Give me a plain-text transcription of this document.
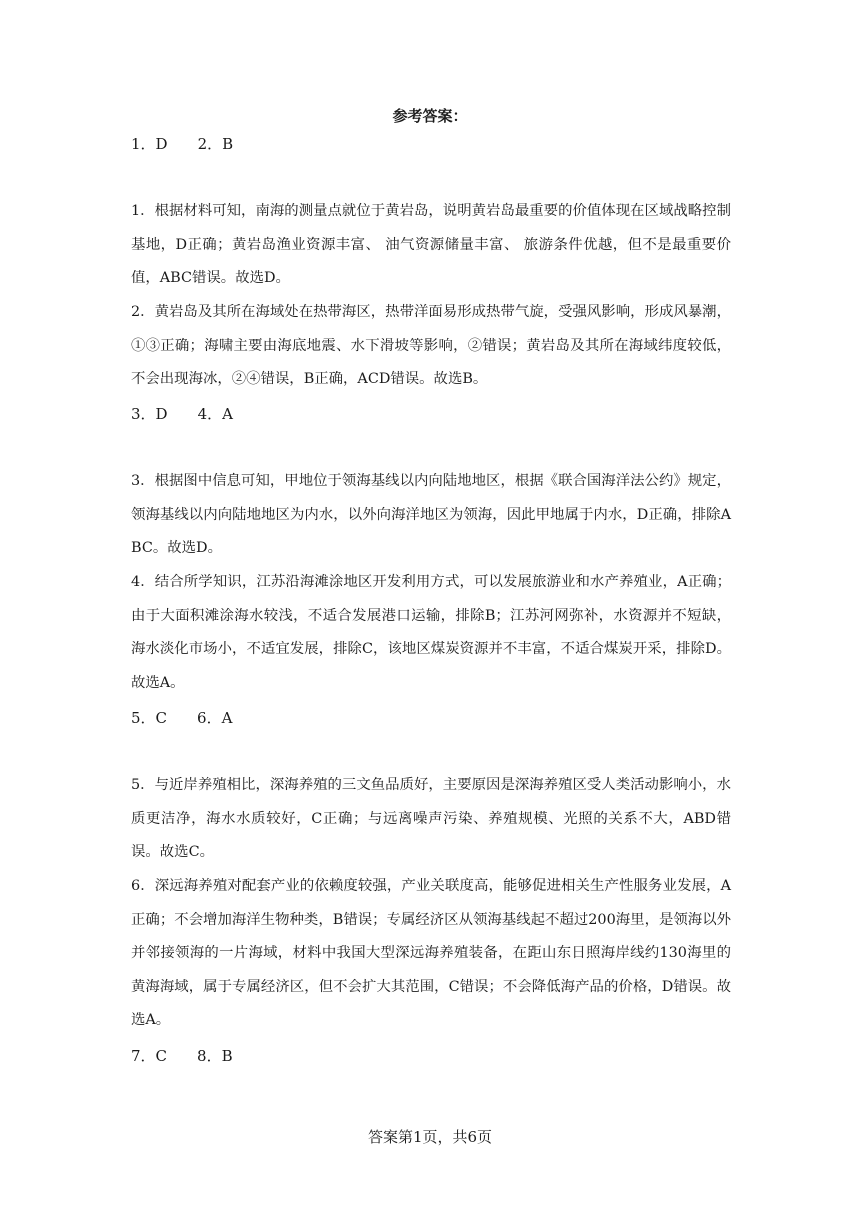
参考答案：
1．D 2．B
1．根据材料可知，南海的测量点就位于黄岩岛，说明黄岩岛最重要的价值体现在区域战略控制基地，D正确；黄岩岛渔业资源丰富、 油气资源储量丰富、 旅游条件优越，但不是最重要价值，ABC错误。故选D。
2．黄岩岛及其所在海域处在热带海区，热带洋面易形成热带气旋，受强风影响，形成风暴潮，①③正确；海啸主要由海底地震、水下滑坡等影响，②错误；黄岩岛及其所在海域纬度较低，不会出现海冰，②④错误，B正确，ACD错误。故选B。
3．D 4．A
3．根据图中信息可知，甲地位于领海基线以内向陆地地区，根据《联合国海洋法公约》规定，领海基线以内向陆地地区为内水，以外向海洋地区为领海，因此甲地属于内水，D正确，排除ABC。故选D。
4．结合所学知识，江苏沿海滩涂地区开发利用方式，可以发展旅游业和水产养殖业，A正确；由于大面积滩涂海水较浅，不适合发展港口运输，排除B；江苏河网弥补，水资源并不短缺，海水淡化市场小，不适宜发展，排除C，该地区煤炭资源并不丰富，不适合煤炭开采，排除D。故选A。
5．C 6．A
5．与近岸养殖相比，深海养殖的三文鱼品质好，主要原因是深海养殖区受人类活动影响小，水质更洁净，海水水质较好，C正确；与远离噪声污染、养殖规模、光照的关系不大，ABD错误。故选C。
6．深远海养殖对配套产业的依赖度较强，产业关联度高，能够促进相关生产性服务业发展，A正确；不会增加海洋生物种类，B错误；专属经济区从领海基线起不超过200海里，是领海以外并邻接领海的一片海域，材料中我国大型深远海养殖装备，在距山东日照海岸线约130海里的黄海海域，属于专属经济区，但不会扩大其范围，C错误；不会降低海产品的价格，D错误。故选A。
7．C 8．B
答案第1页，共6页
